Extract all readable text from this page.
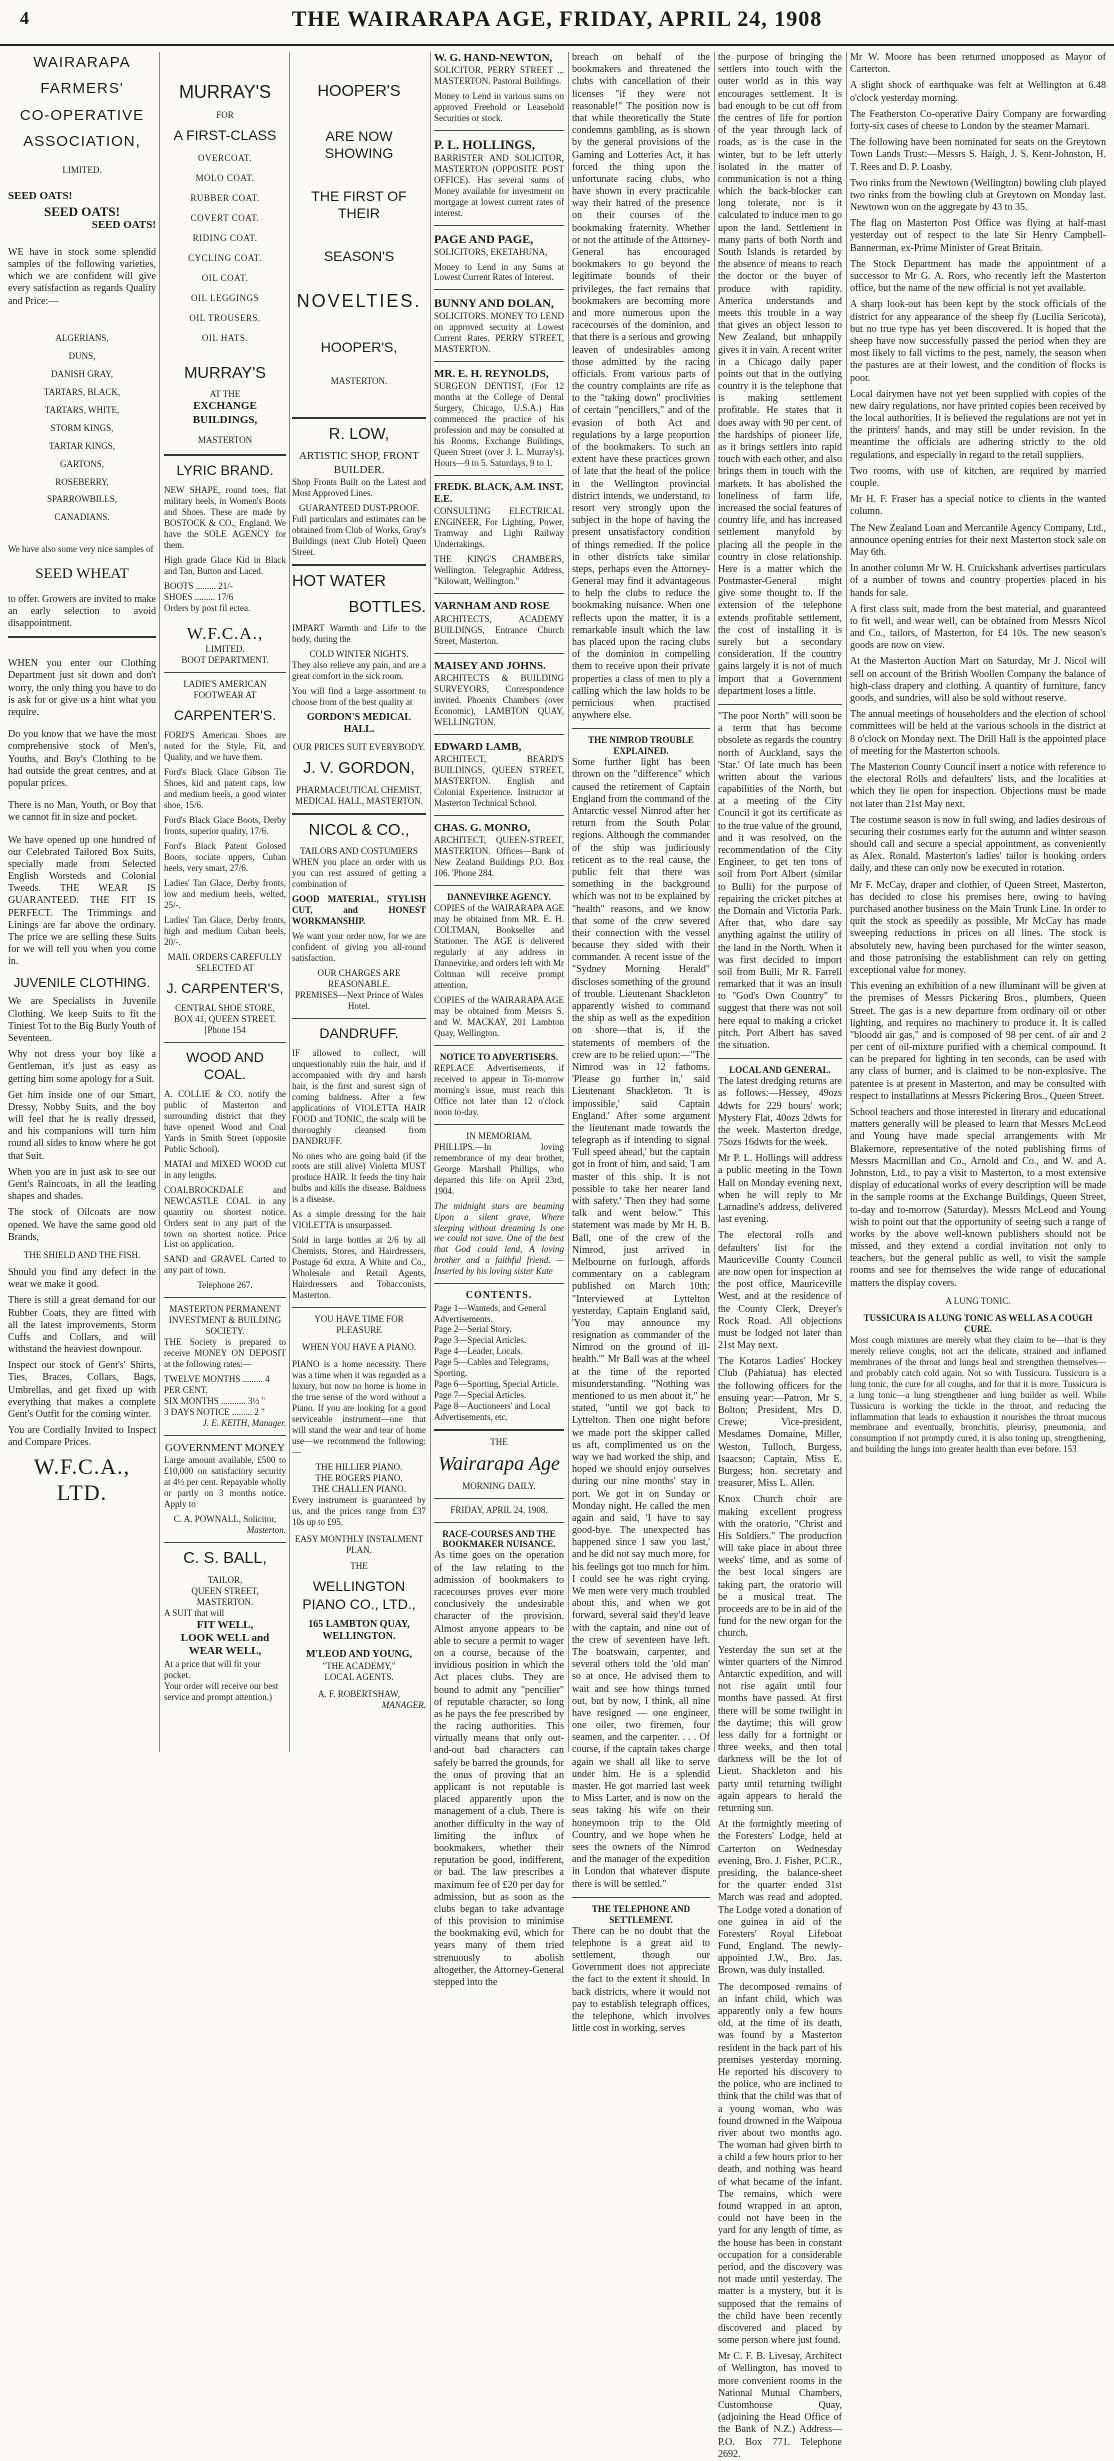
4	THE WAIRARAPA AGE, FRIDAY, APRIL 24, 1908
WAIRARAPA
FARMERS'
CO-OPERATIVE
ASSOCIATION,
LIMITED.
SEED OATS!
SEED OATS!
SEED OATS!

WE have in stock some splendid samples of the following varieties, which we are confident will give every satisfaction as regards Quality and Price:—

ALGERIANS,
DUNS,
DANISH GRAY,
TARTARS, BLACK,
TARTARS, WHITE,
STORM KINGS,
TARTAR KINGS,
GARTONS,
ROSEBERRY,
SPARROWBILLS,
CANADIANS.

We have also some very nice samples of

SEED WHEAT

to offer. Growers are invited to make an early selection to avoid disappointment.

WHEN you enter our Clothing Department just sit down and don't worry, the only thing you have to do is ask for or give us a hint what you require.

Do you know that we have the most comprehensive stock of Men's, Youths, and Boy's Clothing to be had outside the great centres, and at popular prices.

There is no Man, Youth, or Boy that we cannot fit in size and pocket.

We have opened up one hundred of our Celebrated Tailored Box Suits, specially made from Selected English Worsteds and Colonial Tweeds. THE WEAR IS GUARANTEED. THE FIT IS PERFECT. The Trimmings and Linings are far above the ordinary. The price we are selling these Suits for we will tell you when you come in.

JUVENILE CLOTHING.

We are Specialists in Juvenile Clothing. We keep Suits to fit the Tiniest Tot to the Big Burly Youth of Seventeen.

Why not dress your boy like a Gentleman, it's just as easy as getting him some apology for a Suit.

Get him inside one of our Smart, Dressy, Nobby Suits, and the boy will feel that he is really dressed, and his companions will turn him round all sides to know where he got that Suit.

When you are in just ask to see our Gent's Raincoats, in all the leading shapes and shades.

The stock of Oilcoats are now opened. We have the same good old Brands,

THE SHIELD AND THE FISH.

Should you find any defect in the wear we make it good.

There is still a great demand for our Rubber Coats, they are fitted with all the latest improvements, Storm Cuffs and Collars, and will withstand the heaviest downpour.

Inspect our stock of Gent's' Shirts, Ties, Braces, Collars, Bags, Umbrellas, and get fixed up with everything that makes a complete Gent's Outfit for the coming winter.

You are Cordially Invited to Inspect and Compare Prices.

W.F.C.A., LTD.
MURRAY'S
FOR
A FIRST-CLASS
OVERCOAT.
MOLO COAT.
RUBBER COAT.
COVERT COAT.
RIDING COAT.
CYCLING COAT.
OIL COAT.
OIL LEGGINGS
OIL TROUSERS.
OIL HATS.
MURRAY'S
AT THE
EXCHANGE BUILDINGS,
MASTERTON
LYRIC BRAND.

NEW SHAPE, round toes, flat military heels, in Women's Boots and Shoes. These are made by BOSTOCK & CO., England. We have the SOLE AGENCY for them.

High grade Glace Kid in Black and Tan, Button and Laced.

BOOTS ......... 21/-
SHOES ......... 17/6
Orders by post fil ectea.
W.F.C.A.,
LIMITED.
BOOT DEPARTMENT.
LADIE'S AMERICAN FOOTWEAR AT
CARPENTER'S.

FORD'S American Shoes are noted for the Style, Fit, and Quality, and we have them.

Ford's Black Glace Gibson Tie Shoes, kid and patent caps, low and medium heels, a good winter shoe, 15/6.

Ford's Black Glace Boots, Derby fronts, superior quality, 17/6.

Ford's Black Patent Golosed Boots, sociate uppers, Cuban heels, very smart, 27/6.

Ladies' Tan Glace, Derby fronts, low and medium heels, welted, 25/-.

Ladies' Tan Glace, Derby fronts, high and medium Cuban heels, 20/-.

MAIL ORDERS CAREFULLY SELECTED AT
J. CARPENTER'S,
CENTRAL SHOE STORE,
BOX 41, QUEEN STREET. [Phone 154
WOOD AND COAL.

A. COLLIE & CO. notify the public of Masterton and surrounding district that they have opened Wood and Coal Yards in Smith Street (opposite Public School).

MATAI and MIXED WOOD cut in any lengths.

COALBROCKDALE and NEWCASTLE COAL in any quantity on shortest notice. Orders sent to any part of the town on shortest notice. Price List on application.

SAND and GRAVEL Carted to any part of town.

Telephone 267.
MASTERTON PERMANENT INVESTMENT & BUILDING SOCIETY.

THE Society is prepared to receive MONEY ON DEPOSIT at the following rates:—

TWELVE MONTHS ......... 4 PER CENT.
SIX MONTHS ........... 3½ "
3 DAYS NOTICE ......... 2 "
J. E. KEITH, Manager.
GOVERNMENT MONEY

Large amount available, £500 to £10,000 on satisfactory security at 4½ per cent. Repayable wholly or partly on 3 months notice. Apply to

C. A. POWNALL, Solicitor,
Masterton.
C. S. BALL,
TAILOR,
QUEEN STREET, MASTERTON.
A SUIT that will
FIT WELL,
LOOK WELL and
WEAR WELL,
At a price that will fit your pocket.
Your order will receive our best service and prompt attention.)
HOOPER'S
ARE NOW SHOWING
THE FIRST OF THEIR
SEASON'S
NOVELTIES.
HOOPER'S,
MASTERTON.
R. LOW,
ARTISTIC SHOP, FRONT BUILDER.

Shop Fronts Built on the Latest and Most Approved Lines.

GUARANTEED DUST-PROOF.

Full particulars and estimates can be obtained from Club of Works, Gray's Buildings (next Club Hotel) Queen Street.

HOT WATER
BOTTLES.

IMPART Warmth and Life to the body, during the

COLD WINTER NIGHTS.

They also relieve any pain, and are a great comfort in the sick room.

You will find a large assortment to choose from of the best quality at

GORDON'S MEDICAL HALL.
OUR PRICES SUIT EVERYBODY.
J. V. GORDON,
PHARMACEUTICAL CHEMIST,
MEDICAL HALL, MASTERTON.
NICOL & CO.,
TAILORS AND COSTUMIERS

WHEN you place an order with us you can rest assured of getting a combination of

GOOD MATERIAL, STYLISH CUT, and HONEST WORKMANSHIP.

We want your order now, for we are confident of giving you all-round satisfaction.

OUR CHARGES ARE REASONABLE.
PREMISES—Next Prince of Wales Hotel.
DANDRUFF.

IF allowed to collect, will unquestionably ruin the hair, and if accompanied with dry and harsh hair, is the first and surest sign of coming baldness. After a few applications of VIOLETTA HAIR FOOD and TONIC, the scalp will be thoroughly cleansed from DANDRUFF.

No ones who are going bald (if the roots are still alive) Violetta MUST produce HAIR. It feeds the tiny hair bulbs and kills the disease. Baldness is a disease.

As a simple dressing for the hair VIOLETTA is unsurpassed.

Sold in large bottles at 2/6 by all Chemists, Stores, and Hairdressers, Postage 6d extra. A White and Co., Wholesale and Retail Agents, Hairdressers and Tobacconists, Masterton.

YOU HAVE TIME FOR PLEASURE
WHEN YOU HAVE A PIANO.

PIANO is a home necessity. There was a time when it was regarded as a luxury, but now no home is home in the true sense of the word without a Piano. If you are looking for a good serviceable instrument—one that will stand the wear and tear of home use—we recommend the following:—

THE HILLIER PIANO.
THE ROGERS PIANO.
THE CHALLEN PIANO.

Every instrument is guaranteed by us, and the prices range from £37 10s up to £95.

EASY MONTHLY INSTALMENT PLAN.
THE
WELLINGTON PIANO CO., LTD.,
165 LAMBTON QUAY, WELLINGTON.
M'LEOD AND YOUNG,
"THE ACADEMY,"
LOCAL AGENTS.
A. F. ROBERTSHAW,
MANAGER.
W. G. HAND-NEWTON,

SOLICITOR, PERRY STREET ... MASTERTON. Pastoral Buildings.

Money to Lend in various sums on approved Freehold or Leasehold Securities or stock.

P. L. HOLLINGS,

BARRISTER AND SOLICITOR, MASTERTON (OPPOSITE POST OFFICE). Has several sums of Money available for investment on mortgage at lowest current rates of interest.

PAGE AND PAGE,

SOLICITORS, EKETAHUNA,

Money to Lend in any Sums at Lowest Current Rates of Interest.

BUNNY AND DOLAN,

SOLICITORS. MONEY TO LEND on approved security at Lowest Current Rates. PERRY STREET, MASTERTON.

MR. E. H. REYNOLDS,

SURGEON DENTIST, (For 12 months at the College of Dental Surgery, Chicago, U.S.A.) Has commenced the practice of his profession and may be consulted at his Rooms, Exchange Buildings, Queen Street (over J. L. Murray's). Hours—9 to 5. Saturdays, 9 to 1.

FREDK. BLACK, A.M. INST. E.E.

CONSULTING ELECTRICAL ENGINEER, For Lighting, Power, Tramway and Light Railway Undertakings.

THE KING'S CHAMBERS, Wellington. Telegraphic Address, "Kilowatt, Wellington."

VARNHAM AND ROSE

ARCHITECTS, ACADEMY BUILDINGS, Entrance Church Street, Masterton.

MAISEY AND JOHNS.

ARCHITECTS & BUILDING SURVEYORS, Correspondence invited. Phoenix Chambers (over Economic), LAMBTON QUAY, WELLINGTON.

EDWARD LAMB,

ARCHITECT, BEARD'S BUILDINGS, QUEEN STREET, MASTERTON. English and Colonial Experience. Instructor at Masterton Technical School.

CHAS. G. MONRO,

ARCHITECT, QUEEN-STREET, MASTERTON. Offices—Bank of New Zealand Buildings P.O. Box 106. 'Phone 284.

DANNEVIRKE AGENCY.

COPIES of the WAIRARAPA AGE may be obtained from MR. E. H. COLTMAN, Bookseller and Stationer. The AGE is delivered regularly at any address in Dannevirke, and orders left with Mr Coltman will receive prompt attention.

COPIES of the WAIRARAPA AGE may be obtained from Messrs S. and W. MACKAY, 201 Lambton Quay, Wellington.

NOTICE TO ADVERTISERS.

REPLACE Advertisements, if received to appear in To-morrow morning's issue, must reach this Office not later than 12 o'clock noon to-day.

IN MEMORIAM.

PHILLIPS.—In loving remembrance of my dear brother, George Marshall Phillips, who departed this life on April 23rd, 1904.

The midnight stars are beaming Upon a silent grave, Where sleeping without dreaming Is one we could not save. One of the best that God could lend, A loving brother and a faithful friend. —Inserted by his loving sister Kate

CONTENTS.
Page 1—Wanteds, and General Advertisements.
Page 2—Serial Story.
Page 3—Special Articles.
Page 4—Leader, Locals.
Page 5—Cables and Telegrams, Sporting.
Page 6—Sporting, Special Article.
Page 7—Special Articles.
Page 8—Auctioneers' and Local Advertisements, etc.
THE
Wairarapa Age
MORNING DAILY.
FRIDAY, APRIL 24, 1908.
RACE-COURSES AND THE BOOKMAKER NUISANCE.

As time goes on the operation of the law relating to the admission of bookmakers to racecourses proves ever more conclusively the undesirable character of the provision. Almost anyone appears to be able to secure a permit to wager on a course, because of the invidious position in which the Act places clubs. They are bound to admit any "pencilier" of reputable character, so long as he pays the fee prescribed by the racing authorities. This virtually means that only out-and-out bad characters can safely be barred the grounds, for the onus of proving that an applicant is not reputable is placed apparently upon the management of a club. There is another difficulty in the way of limiting the influx of bookmakers, whether their reputation be good, indifferent, or bad. The law prescribes a maximum fee of £20 per day for admission, but as soon as the clubs began to take advantage of this provision to minimise the bookmaking evil, which for years many of them tried strenuously to abolish altogether, the Attorney-General stepped into the

breach on behalf of the bookmakers and threatened the clubs with cancellation of their licenses "if they were not reasonable!" The position now is that while theoretically the State condemns gambling, as is shown by the general provisions of the Gaming and Lotteries Act, it has forced the thing upon the unfortunate racing clubs, who have shown in every practicable way their hatred of the presence on their courses of the bookmaking fraternity. Whether or not the attitude of the Attorney-General has encouraged bookmakers to go beyond the legitimate bounds of their privileges, the fact remains that bookmakers are becoming more and more numerous upon the racecourses of the dominion, and that there is a serious and growing leaven of undesirables among those admitted by the racing officials. From various parts of the country complaints are rife as to the "taking down" proclivities of certain "pencillers," and of the evasion of both Act and regulations by a large proportion of the bookmakers. To such an extent have these practices grown of late that the head of the police in the Wellington provincial district intends, we understand, to resort very strongly upon the subject in the hope of having the present unsatisfactory condition of things remedied. If the police in other districts take similar steps, perhaps even the Attorney-General may find it advantageous to help the clubs to reduce the bookmaking nuisance. When one reflects upon the matter, it is a remarkable insult which the law has placed upon the racing clubs of the dominion in compelling them to receive upon their private properties a class of men to ply a calling which the law holds to be pernicious when practised anywhere else.

THE NIMROD TROUBLE EXPLAINED.

Some further light has been thrown on the "difference" which caused the retirement of Captain England from the command of the Antarctic vessel Nimrod after her return from the South Polar regions. Although the commander of the ship was judiciously reticent as to the real cause, the public felt that there was something in the background which was not to be explained by "health" reasons, and we know that some of the crew severed their connection with the vessel because they sided with their commander. A recent issue of the "Sydney Morning Herald" discloses something of the ground of trouble. Lieutenant Shackleton apparently wished to command the ship as well as the expedition on shore—that is, if the statements of members of the crew are to be relied upon:—"The Nimrod was in 12 fathoms. 'Please go further in,' said Lieutenant Shackleton. 'It is impossible,' said Captain England.' After some argument the lieutenant made towards the telegraph as if intending to signal 'Full speed ahead,' but the captain got in front of him, and said, 'I am master of this ship. It is not possible to take her nearer land with safety.' Then they had some talk and went below." This statement was made by Mr H. B. Ball, one of the crew of the Nimrod, just arrived in Melbourne on furlough, affords commentary on a cablegram published on March 10th: "Interviewed at Lyttelton yesterday, Captain England said, 'You may announce my resignation as commander of the Nimrod on the ground of ill-health.'" Mr Ball was at the wheel at the time of the reported misunderstanding. "Nothing was mentioned to us men about it," he stated, "until we got back to Lyttelton. Then one night before we made port the skipper called us aft, complimented us on the way we had worked the ship, and hoped we should enjoy ourselves during our nine months' stay in port. We got in on Sunday or Monday night. He called the men again and said, 'I have to say good-bye. The unexpected has happened since I saw you last,' and he did not say much more, for his feelings got too much for him. I could see he was right crying. We men were very much troubled about this, and when we got forward, several said they'd leave with the captain, and nine out of the crew of seventeen have left. The boatswain, carpenter, and several others told the 'old man' so at once. He advised them to wait and see how things turned out, but by now, I think, all nine have resigned — one engineer, one oiler, two firemen, four seamen, and the carpenter. . . . Of course, if the captain takes charge again we shall all like to serve under him. He is a splendid master. He got married last week to Miss Larter, and is now on the seas taking his wife on their honeymoon trip to the Old Country, and we hope when he sees the owners of the Nimrod and the manager of the expedition in London that whatever dispute there is will be settled."

THE TELEPHONE AND SETTLEMENT.

There can be no doubt that the telephone is a great aid to settlement, though our Government does not appreciate the fact to the extent it should. In back districts, where it would not pay to establish telegraph offices, the telephone, which involves little cost in working, serves

the purpose of bringing the settlers into touch with the outer world as in this way encourages settlement. It is bad enough to be cut off from the centres of life for portion of the year through lack of roads, as is the case in the winter, but to be left utterly isolated in the matter of communication is not a thing which the back-blocker can long tolerate, nor is it calculated to induce men to go upon the land. Settlement in many parts of both North and South Islands is retarded by the absence of means to reach the doctor or the buyer of produce with rapidity. America understands and meets this trouble in a way that gives an object lesson to New Zealand, but unhappily gives it in vain. A recent writer in a Chicago daily paper points out that in the outlying country it is the telephone that is making settlement profitable. He states that it does away with 90 per cent. of the hardships of pioneer life, as it brings settlers into rapid touch with each other, and also brings them in touch with the markets. It has abolished the loneliness of farm life, increased the social features of country life, and has increased settlement manyfold by placing all the people in the country in close relationship. Here is a matter which the Postmaster-General might give some thought to. If the extension of the telephone extends profitable settlement, the cost of installing it is surely but a secondary consideration. If the country gains largely it is not of much import that a Government department loses a little.

"The poor North" will soon be a term that has become obsolete as regards the country north of Auckland, says the 'Star.' Of late much has been written about the various capabilities of the North, but at a meeting of the City Council it got its certificate as to the true value of the ground, and it was resolved, on the recommendation of the City Engineer, to get ten tons of soil from Port Albert (similar to Bulli) for the purpose of repairing the cricket pitches at the Domain and Victoria Park. After that, who dare say anything against the utility of the land in the North. When it was first decided to import soil from Bulli, Mr R. Farrell remarked that it was an insult to "God's Own Country" to suggest that there was not soil here equal to making a cricket pitch. Port Albert has saved the situation.

LOCAL AND GENERAL.

The latest dredging returns are as follows:—Hessey, 49ozs 4dwts for 229 hours' work; Mystery Flat, 40ozs 2dwts for the week. Masterton dredge, 75ozs 16dwts for the week.

Mr P. L. Hollings will address a public meeting in the Town Hall on Monday evening next, when he will reply to Mr Larnadine's address, delivered last evening.

The electoral rolls and defaulters' list for the Mauriceville County Council are now open for inspection at the post office, Mauriceville West, and at the residence of the County Clerk, Dreyer's Rock Road. All objections must be lodged not later than 21st May next.

The Kotaros Ladies' Hockey Club (Pahiatua) has elected the following officers for the ensuing year:—Patron, Mr S. Bolton; President, Mrs D. Crewe; Vice-president, Mesdames Domaine, Miller, Weston, Tulloch, Burgess, Isaacson; Captain, Miss E. Burgess; hon. secretary and treasurer, Miss L. Allen.

Knox Church choir are making excellent progress with the oratorio, "Christ and His Soldiers." The production will take place in about three weeks' time, and as some of the best local singers are taking part, the oratorio will be a musical treat. The proceeds are to be in aid of the fund for the new organ for the church.

Yesterday the sun set at the winter quarters of the Nimrod Antarctic expedition, and will not rise again until four months have passed. At first there will be some twilight in the daytime; this will grow less daily for a fortnight or three weeks, and then total darkness will be the lot of Lieut. Shackleton and his party until returning twilight again appears to herald the returning sun.

At the fortnightly meeting of the Foresters' Lodge, held at Carterton on Wednesday evening, Bro. J. Fisher, P.C.R., presiding, the balance-sheet for the quarter ended 31st March was read and adopted. The Lodge voted a donation of one guinea in aid of the Foresters' Royal Lifeboat Fund, England. The newly-appointed J.W., Bro. Jas. Brown, was duly installed.

The decomposed remains of an infant child, which was apparently only a few hours old, at the time of its death, was found by a Masterton resident in the back part of his premises yesterday morning. He reported his discovery to the police, who are inclined to think that the child was that of a young woman, who was found drowned in the Waipoua river about two months ago. The woman had given birth to a child a few hours prior to her death, and nothing was heard of what became of the infant. The remains, which were found wrapped in an apron, could not have been in the yard for any length of time, as the house has been in constant occupation for a considerable period, and the discovery was not made until yesterday. The matter is a mystery, but it is supposed that the remains of the child have been recently discovered and placed by some person where just found.

Mr C. F. B. Livesay, Architect of Wellington, has moved to more convenient rooms in the National Mutual Chambers, Customhouse Quay, (adjoining the Head Office of the Bank of N.Z.) Address—P.O. Box 771. Telephone 2692.

Mr W. Moore has been returned unopposed as Mayor of Carterton.

A slight shock of earthquake was felt at Wellington at 6.48 o'clock yesterday morning.

The Featherston Co-operative Dairy Company are forwarding forty-six cases of cheese to London by the steamer Mamari.

The following have been nominated for seats on the Greytown Town Lands Trust:—Messrs S. Haigh, J. S. Kent-Johnston, H. T. Rees and D. P. Loasby.

Two rinks from the Newtown (Wellington) bowling club played two rinks from the bowling club at Greytown on Monday last. Newtown won on the aggregate by 43 to 35.

The flag on Masterton Post Office was flying at half-mast yesterday out of respect to the late Sir Henry Campbell-Bannerman, ex-Prime Minister of Great Britain.

The Stock Department has made the appointment of a successor to Mr G. A. Rors, who recently left the Masterton office, but the name of the new official is not yet available.

A sharp look-out has been kept by the stock officials of the district for any appearance of the sheep fly (Lucilia Sericota), but no true type has yet been discovered. It is hoped that the sheep have now successfully passed the period when they are most likely to fall victims to the pest, namely, the season when the pastures are at their lowest, and the condition of flocks is poor.

Local dairymen have not yet been supplied with copies of the new dairy regulations, nor have printed copies been received by the local authorities. It is believed the regulations are not yet in the printers' hands, and may still be under revision. In the meantime the officials are adhering strictly to the old regulations, and especially in regard to the retail suppliers.

Two rooms, with use of kitchen, are required by married couple.

Mr H. F. Fraser has a special notice to clients in the wanted column.

The New Zealand Loan and Mercantile Agency Company, Ltd., announce opening entries for their next Masterton stock sale on May 6th.

In another column Mr W. H. Cruickshank advertises particulars of a number of towns and country properties placed in his hands for sale.

A first class suit, made from the best material, and guaranteed to fit well, and wear well, can be obtained from Messrs Nicol and Co., tailors, of Masterton, for £4 10s. The new season's goods are now on view.

At the Masterton Auction Mart on Saturday, Mr J. Nicol will sell on account of the British Woollen Company the balance of high-class drapery and clothing. A quantity of furniture, fancy goods, and sundries, will also be sold without reserve.

The annual meetings of householders and the election of school committees will be held at the various schools in the district at 8 o'clock on Monday next. The Drill Hall is the appointed place of meeting for the Masterton schools.

The Masterton County Council insert a notice with reference to the electoral Rolls and defaulters' lists, and the localities at which they lie open for inspection. Objections must be made not later than 21st May next.

The costume season is now in full swing, and ladies desirous of securing their costumes early for the autumn and winter season should call and secure a special appointment, as conveniently as Alex. Ronald. Masterton's ladies' tailor is booking orders daily, and these can only now be executed in rotation.

Mr F. McCay, draper and clothier, of Queen Street, Masterton, has decided to close his premises here, owing to having purchased another business on the Main Trunk Line. In order to quit the stock as speedily as possible, Mr McCay has made sweeping reductions in prices on all lines. The stock is absolutely new, having been purchased for the winter season, and those patronising the establishment can rely on getting exceptional value for money.

This evening an exhibition of a new illuminant will be given at the premises of Messrs Pickering Bros., plumbers, Queen Street. The gas is a new departure from ordinary oil or other lighting, and requires no machinery to produce it. It is called "bloodd air gas," and is composed of 98 per cent. of air and 2 per cent of oil-mixture purified with a chemical compound. It can be prepared for lighting in ten seconds, can be used with any class of burner, and is claimed to be non-explosive. The patentee is at present in Masterton, and may be consulted with respect to installations at Messrs Pickering Bros., Queen Street.

School teachers and those interested in literary and educational matters generally will be pleased to learn that Messrs McLeod and Young have made special arrangements with Mr Blakemore, representative of the noted publishing firms of Messrs Macmillan and Co., Arnold and Co., and W. and A. Johnston, Ltd., to pay a visit to Masterton, to a most extensive display of educational works of every description will be made in the sample rooms at the Exchange Buildings, Queen Street, to-day and to-morrow (Saturday). Messrs McLeod and Young wish to point out that the opportunity of seeing such a range of works by the above well-known publishers should not be missed, and they extend a cordial invitation not only to teachers, but the general public as well, to visit the sample rooms and see for themselves the wide range of educational matters the display covers.

A LUNG TONIC.
TUSSICURA IS A LUNG TONIC AS WELL AS A COUGH CURE.

Most cough mixtures are merely what they claim to be—that is they merely relieve coughs, not act the delicate, strained and inflamed membranes of the throat and lungs heal and strengthen themselves—and probably catch cold again. Not so with Tussicura. Tussicura is a lung tonic, the cure for all coughs, and for that it is more. Tussicura is a lung tonic—a lung strengthener and lung builder as well. While Tussicura is working the tickle in the throat, and reducing the inflammation that leads to exhaustion it nourishes the throat mucous membrane and eventually, bronchitis, pleurisy, pneumonia, and consumption if not promptly cured, it is also toning up, strengthening, and building the lungs into greater health than ever before. 153
